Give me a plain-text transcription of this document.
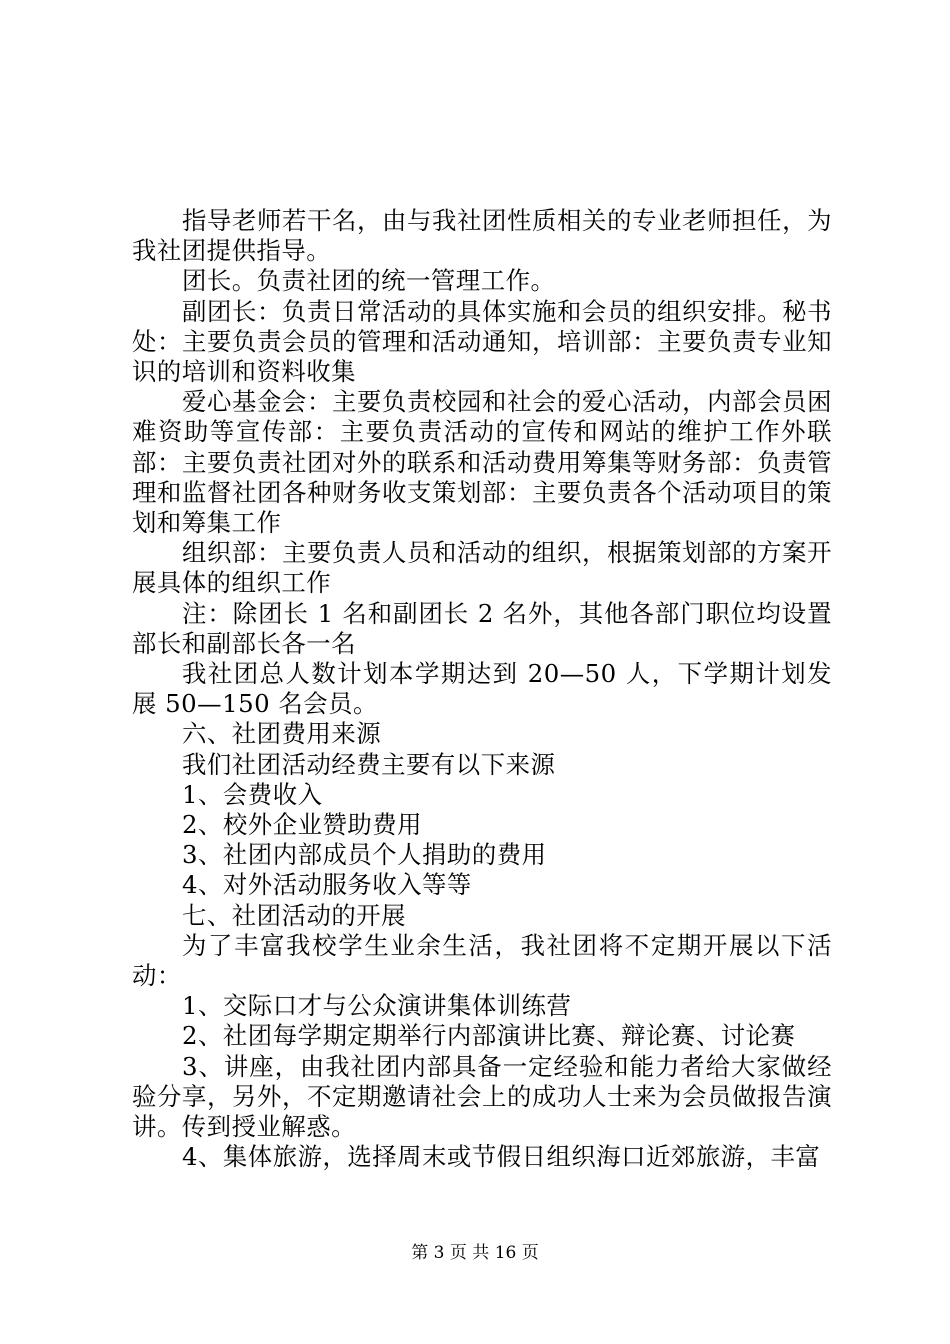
指导老师若干名，由与我社团性质相关的专业老师担任，为我社团提供指导。

团长。负责社团的统一管理工作。

副团长：负责日常活动的具体实施和会员的组织安排。秘书处：主要负责会员的管理和活动通知，培训部：主要负责专业知识的培训和资料收集

爱心基金会：主要负责校园和社会的爱心活动，内部会员困难资助等宣传部：主要负责活动的宣传和网站的维护工作外联部：主要负责社团对外的联系和活动费用筹集等财务部：负责管理和监督社团各种财务收支策划部：主要负责各个活动项目的策划和筹集工作

组织部：主要负责人员和活动的组织，根据策划部的方案开展具体的组织工作

注：除团长 1 名和副团长 2 名外，其他各部门职位均设置部长和副部长各一名

我社团总人数计划本学期达到 20—50 人，下学期计划发展 50—150 名会员。

六、社团费用来源

我们社团活动经费主要有以下来源

1、会费收入

2、校外企业赞助费用

3、社团内部成员个人捐助的费用

4、对外活动服务收入等等

七、社团活动的开展

为了丰富我校学生业余生活，我社团将不定期开展以下活动：

1、交际口才与公众演讲集体训练营

2、社团每学期定期举行内部演讲比赛、辩论赛、讨论赛

3、讲座，由我社团内部具备一定经验和能力者给大家做经验分享，另外，不定期邀请社会上的成功人士来为会员做报告演讲。传到授业解惑。

4、集体旅游，选择周末或节假日组织海口近郊旅游，丰富

第 3 页 共 16 页
